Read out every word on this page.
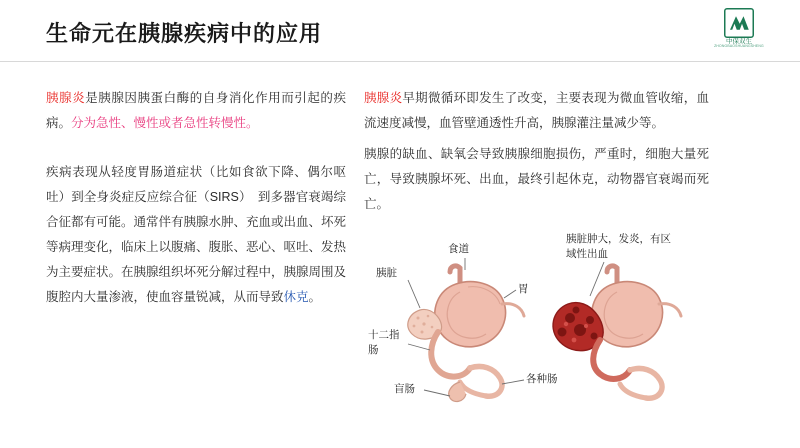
生命元在胰腺疾病中的应用	中保双生
ZHONGBAOSHUANGSHENG

胰腺炎是胰腺因胰蛋白酶的自身消化作用而引起的疾病。分为急性、慢性或者急性转慢性。

疾病表现从轻度胃肠道症状（比如食欲下降、偶尔呕吐）到全身炎症反应综合征（SIRS）　到多器官衰竭综合征都有可能。通常伴有胰腺水肿、充血或出血、坏死等病理变化，临床上以腹痛、腹胀、恶心、呕吐、发热为主要症状。在胰腺组织坏死分解过程中，胰腺周围及腹腔内大量渗液，使血容量锐减，从而导致休克。

胰腺炎早期微循环即发生了改变，主要表现为微血管收缩，血流速度减慢，血管壁通透性升高，胰腺灌注量减少等。

胰腺的缺血、缺氧会导致胰腺细胞损伤，严重时，细胞大量死亡，导致胰腺坏死、出血，最终引起休克，动物器官衰竭而死亡。

食道
胰脏
胃
十二指肠
盲肠
各种肠
胰脏肿大，发炎，有区域性出血
